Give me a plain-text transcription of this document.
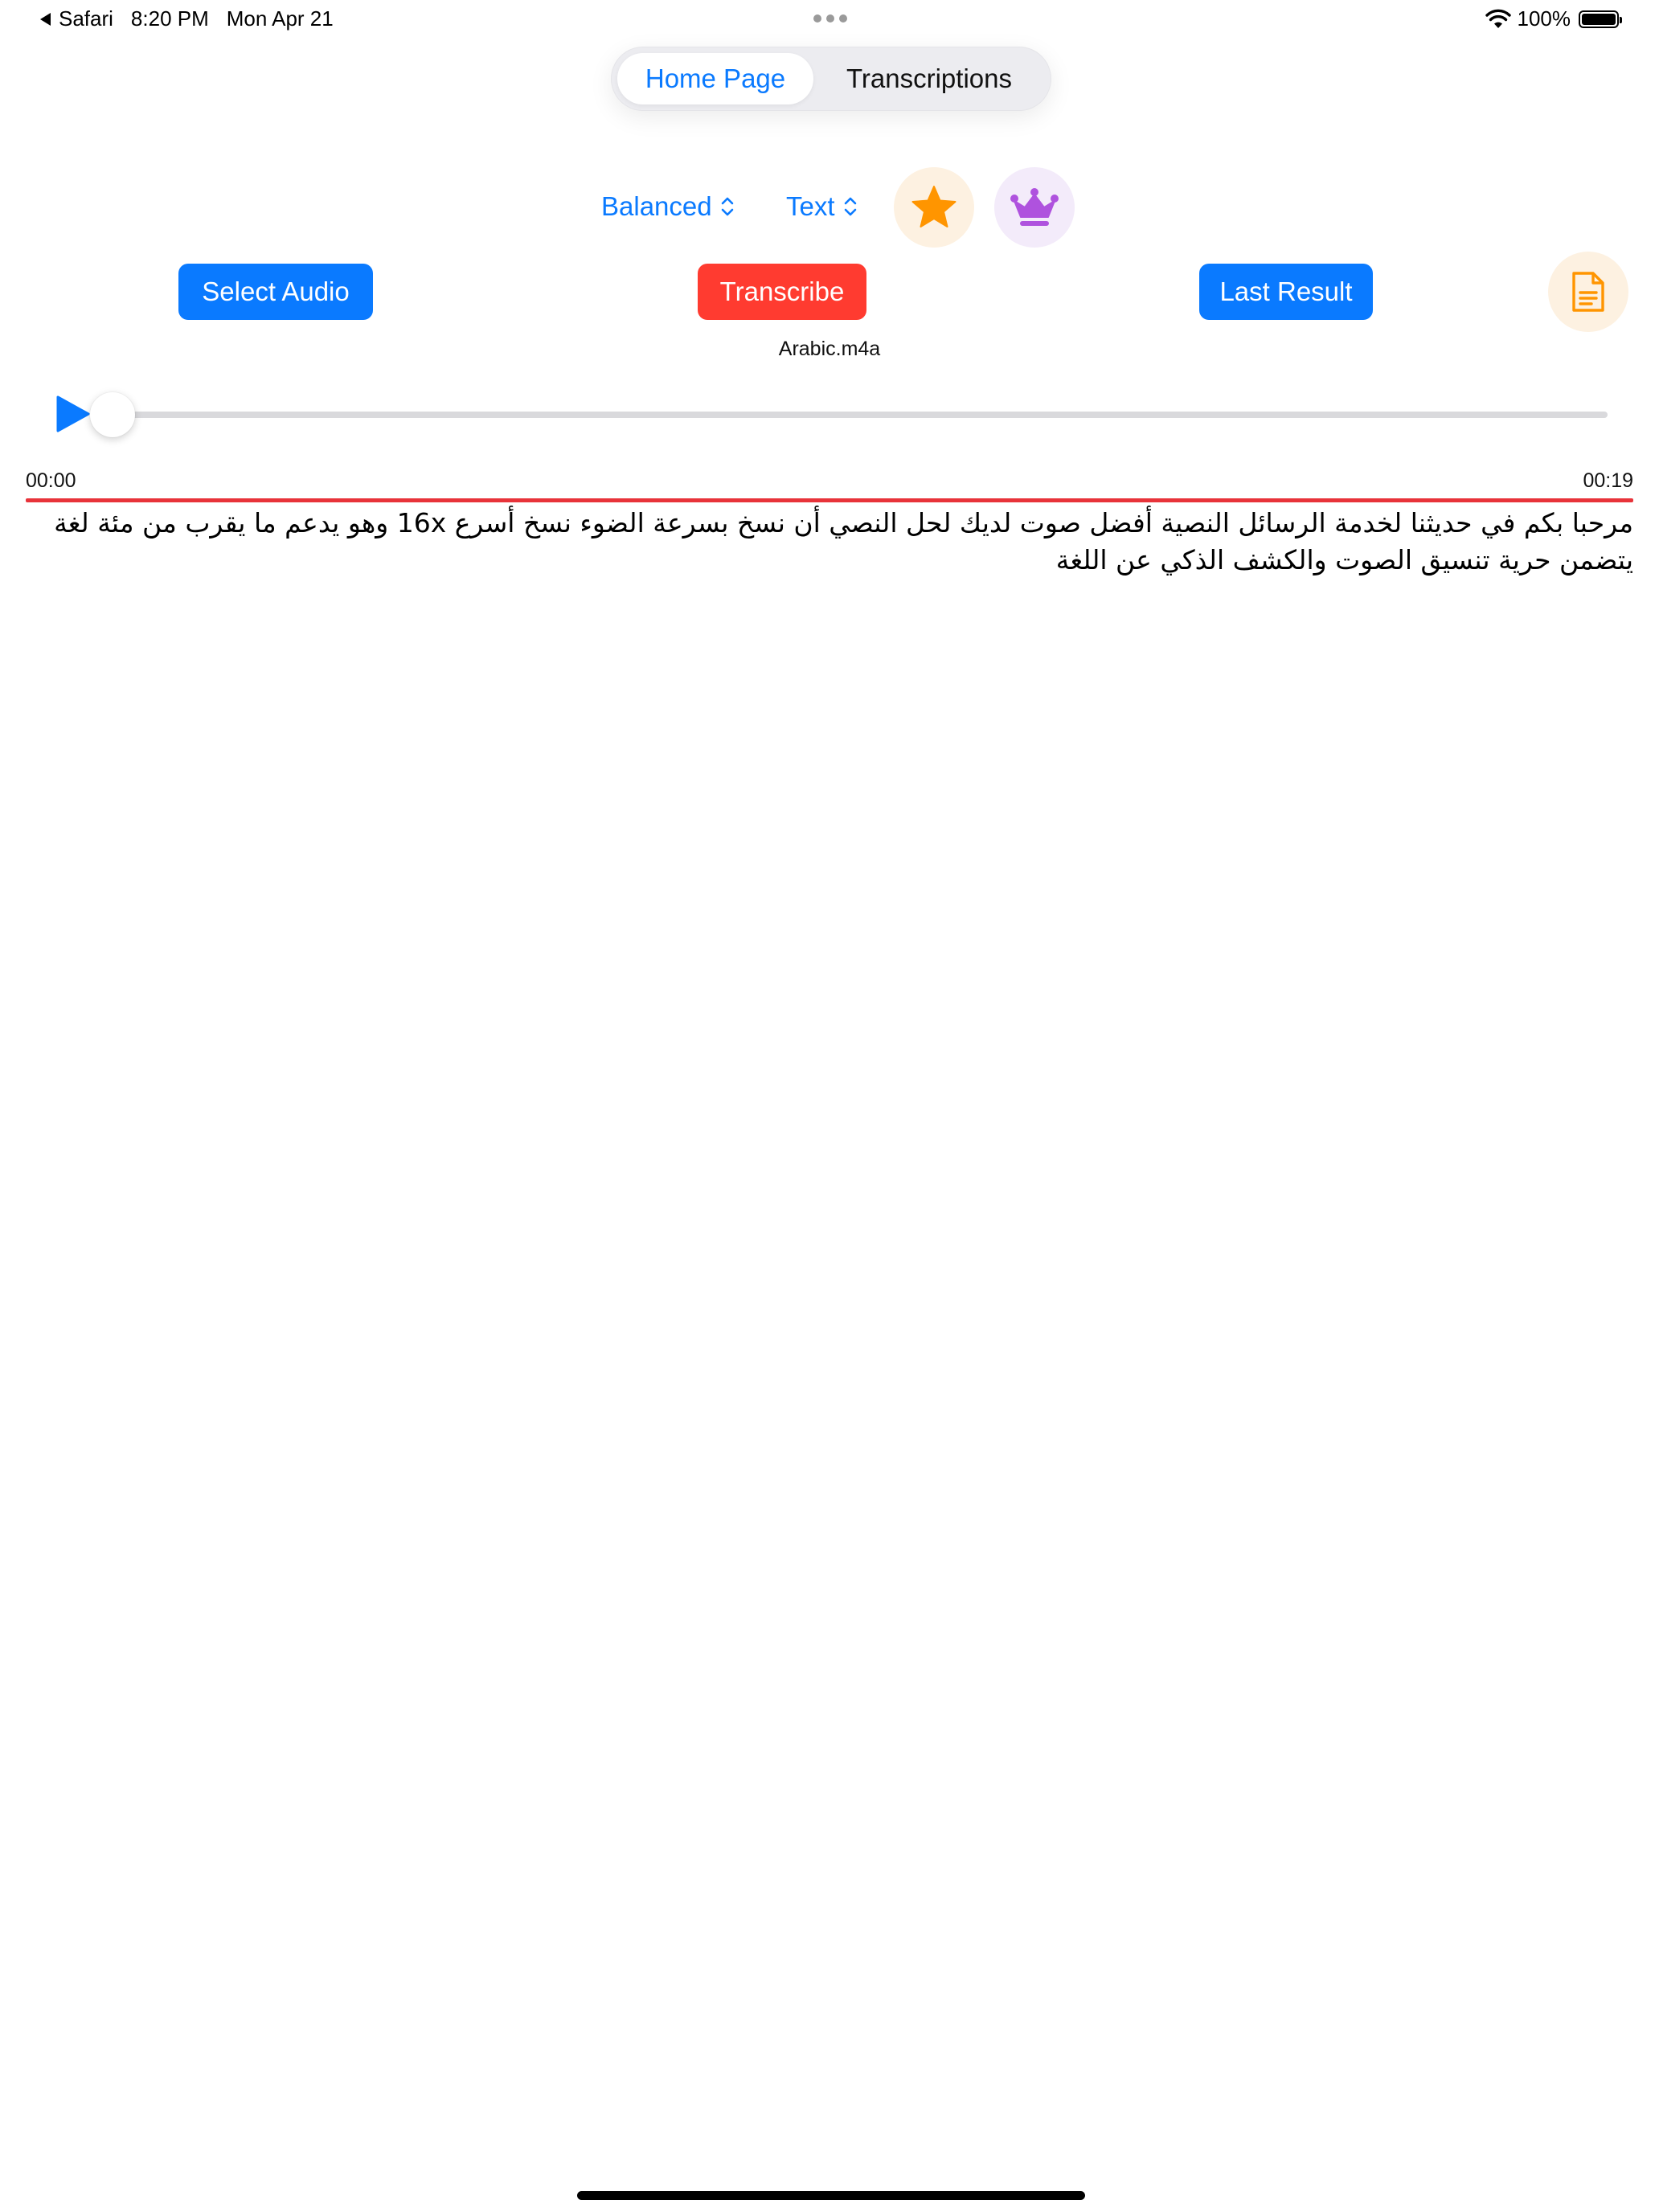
Safari 8:20 PM Mon Apr 21	100%
Home Page	Transcriptions
Balanced	Text
Select Audio	Transcribe	Last Result
Arabic.m4a
00:00	00:19
مرحبا بكم في حديثنا لخدمة الرسائل النصية أفضل صوت لديك لحل النصي أن نسخ بسرعة الضوء نسخ أسرع 16x وهو يدعم ما يقرب من مئة لغة يتضمن حرية تنسيق الصوت والكشف الذكي عن اللغة
